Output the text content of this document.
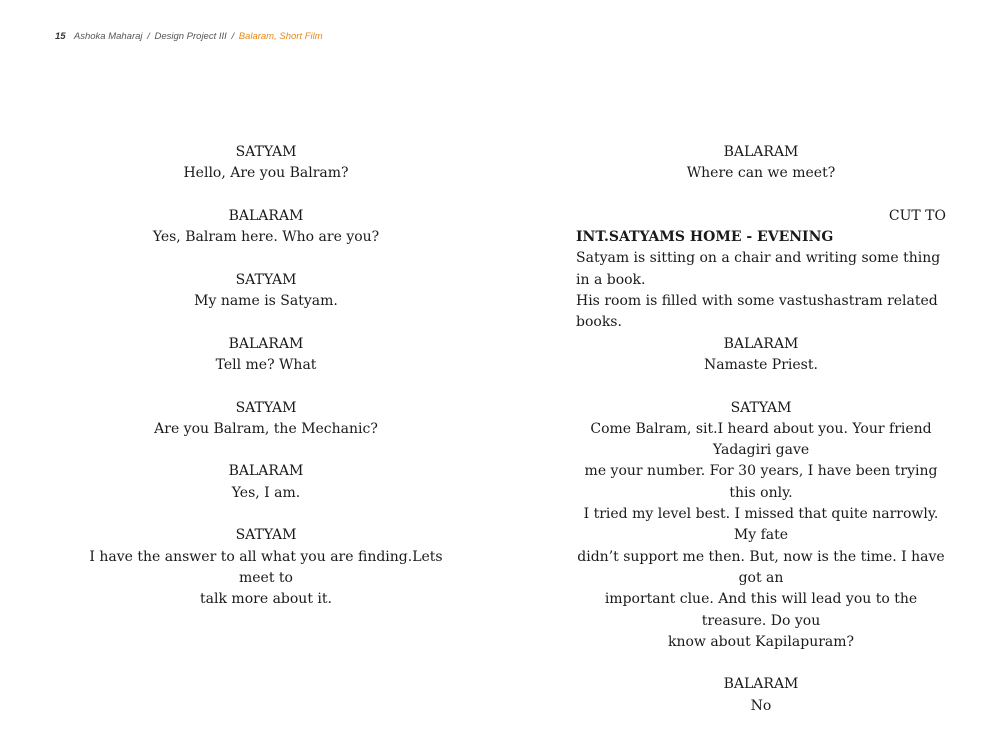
15 Ashoka Maharaj / Design Project III / Balaram, Short Film
SATYAM
Hello, Are you Balram?
BALARAM
Yes, Balram here. Who are you?
SATYAM
My name is Satyam.
BALARAM
Tell me? What
SATYAM
Are you Balram, the Mechanic?
BALARAM
Yes, I am.
SATYAM
I have the answer to all what you are finding.Lets meet to
talk more about it.
BALARAM
Where can we meet?
CUT TO
INT.SATYAMS HOME - EVENING
Satyam is sitting on a chair and writing some thing in a book.
His room is filled with some vastushastram related books.
BALARAM
Namaste Priest.
SATYAM
Come Balram, sit.I heard about you. Your friend Yadagiri gave
me your number. For 30 years, I have been trying this only.
I tried my level best. I missed that quite narrowly. My fate
didn’t support me then. But, now is the time. I have got an
important clue. And this will lead you to the treasure. Do you
know about Kapilapuram?
BALARAM
No
